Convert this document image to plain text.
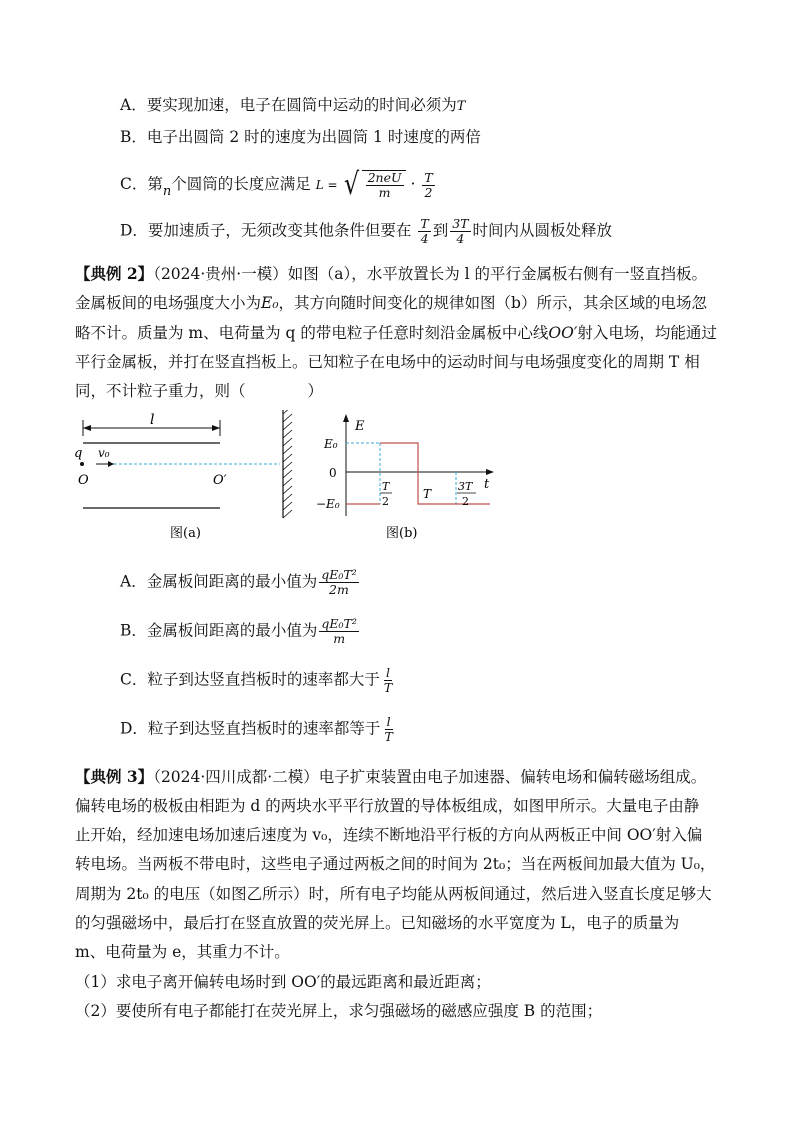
A．要实现加速，电子在圆筒中运动的时间必须为T
B．电子出圆筒 2 时的速度为出圆筒 1 时速度的两倍
C．第$_n$个圆筒的长度应满足 L = √ $\frac{\text{2neU}}{m} \cdot \frac{T}{2}$
D．要加速质子，无须改变其他条件但要在 $\frac{T}{4}$ 到 $\frac{3T}{4}$ 时间内从圆板处释放
【典例 2】（2024·贵州·一模）如图（a），水平放置长为 l 的平行金属板右侧有一竖直挡板。
金属板间的电场强度大小为E₀，其方向随时间变化的规律如图（b）所示，其余区域的电场忽
略不计。质量为 m、电荷量为 q 的带电粒子任意时刻沿金属板中心线OO′射入电场，均能通过
平行金属板，并打在竖直挡板上。已知粒子在电场中的运动时间与电场强度变化的周期 T 相
同，不计粒子重力，则（　　　　）
l
q v₀
O	O′
图(a)
E
E₀
0
−E₀
t
T
2
T
3T
2
图(b)
A．金属板间距离的最小值为 $\frac{\text{qE₀T²}}{2m}$
B．金属板间距离的最小值为 $\frac{\text{qE₀T²}}{m}$
C．粒子到达竖直挡板时的速率都大于 $\frac{l}{T}$
D．粒子到达竖直挡板时的速率都等于 $\frac{l}{T}$
【典例 3】（2024·四川成都·二模）电子扩束装置由电子加速器、偏转电场和偏转磁场组成。
偏转电场的极板由相距为 d 的两块水平平行放置的导体板组成，如图甲所示。大量电子由静
止开始，经加速电场加速后速度为 v₀，连续不断地沿平行板的方向从两板正中间 OO′射入偏
转电场。当两板不带电时，这些电子通过两板之间的时间为 2t₀；当在两板间加最大值为 U₀，
周期为 2t₀ 的电压（如图乙所示）时，所有电子均能从两板间通过，然后进入竖直长度足够大
的匀强磁场中，最后打在竖直放置的荧光屏上。已知磁场的水平宽度为 L，电子的质量为
m、电荷量为 e，其重力不计。
（1）求电子离开偏转电场时到 OO′的最远距离和最近距离；
（2）要使所有电子都能打在荧光屏上，求匀强磁场的磁感应强度 B 的范围；
